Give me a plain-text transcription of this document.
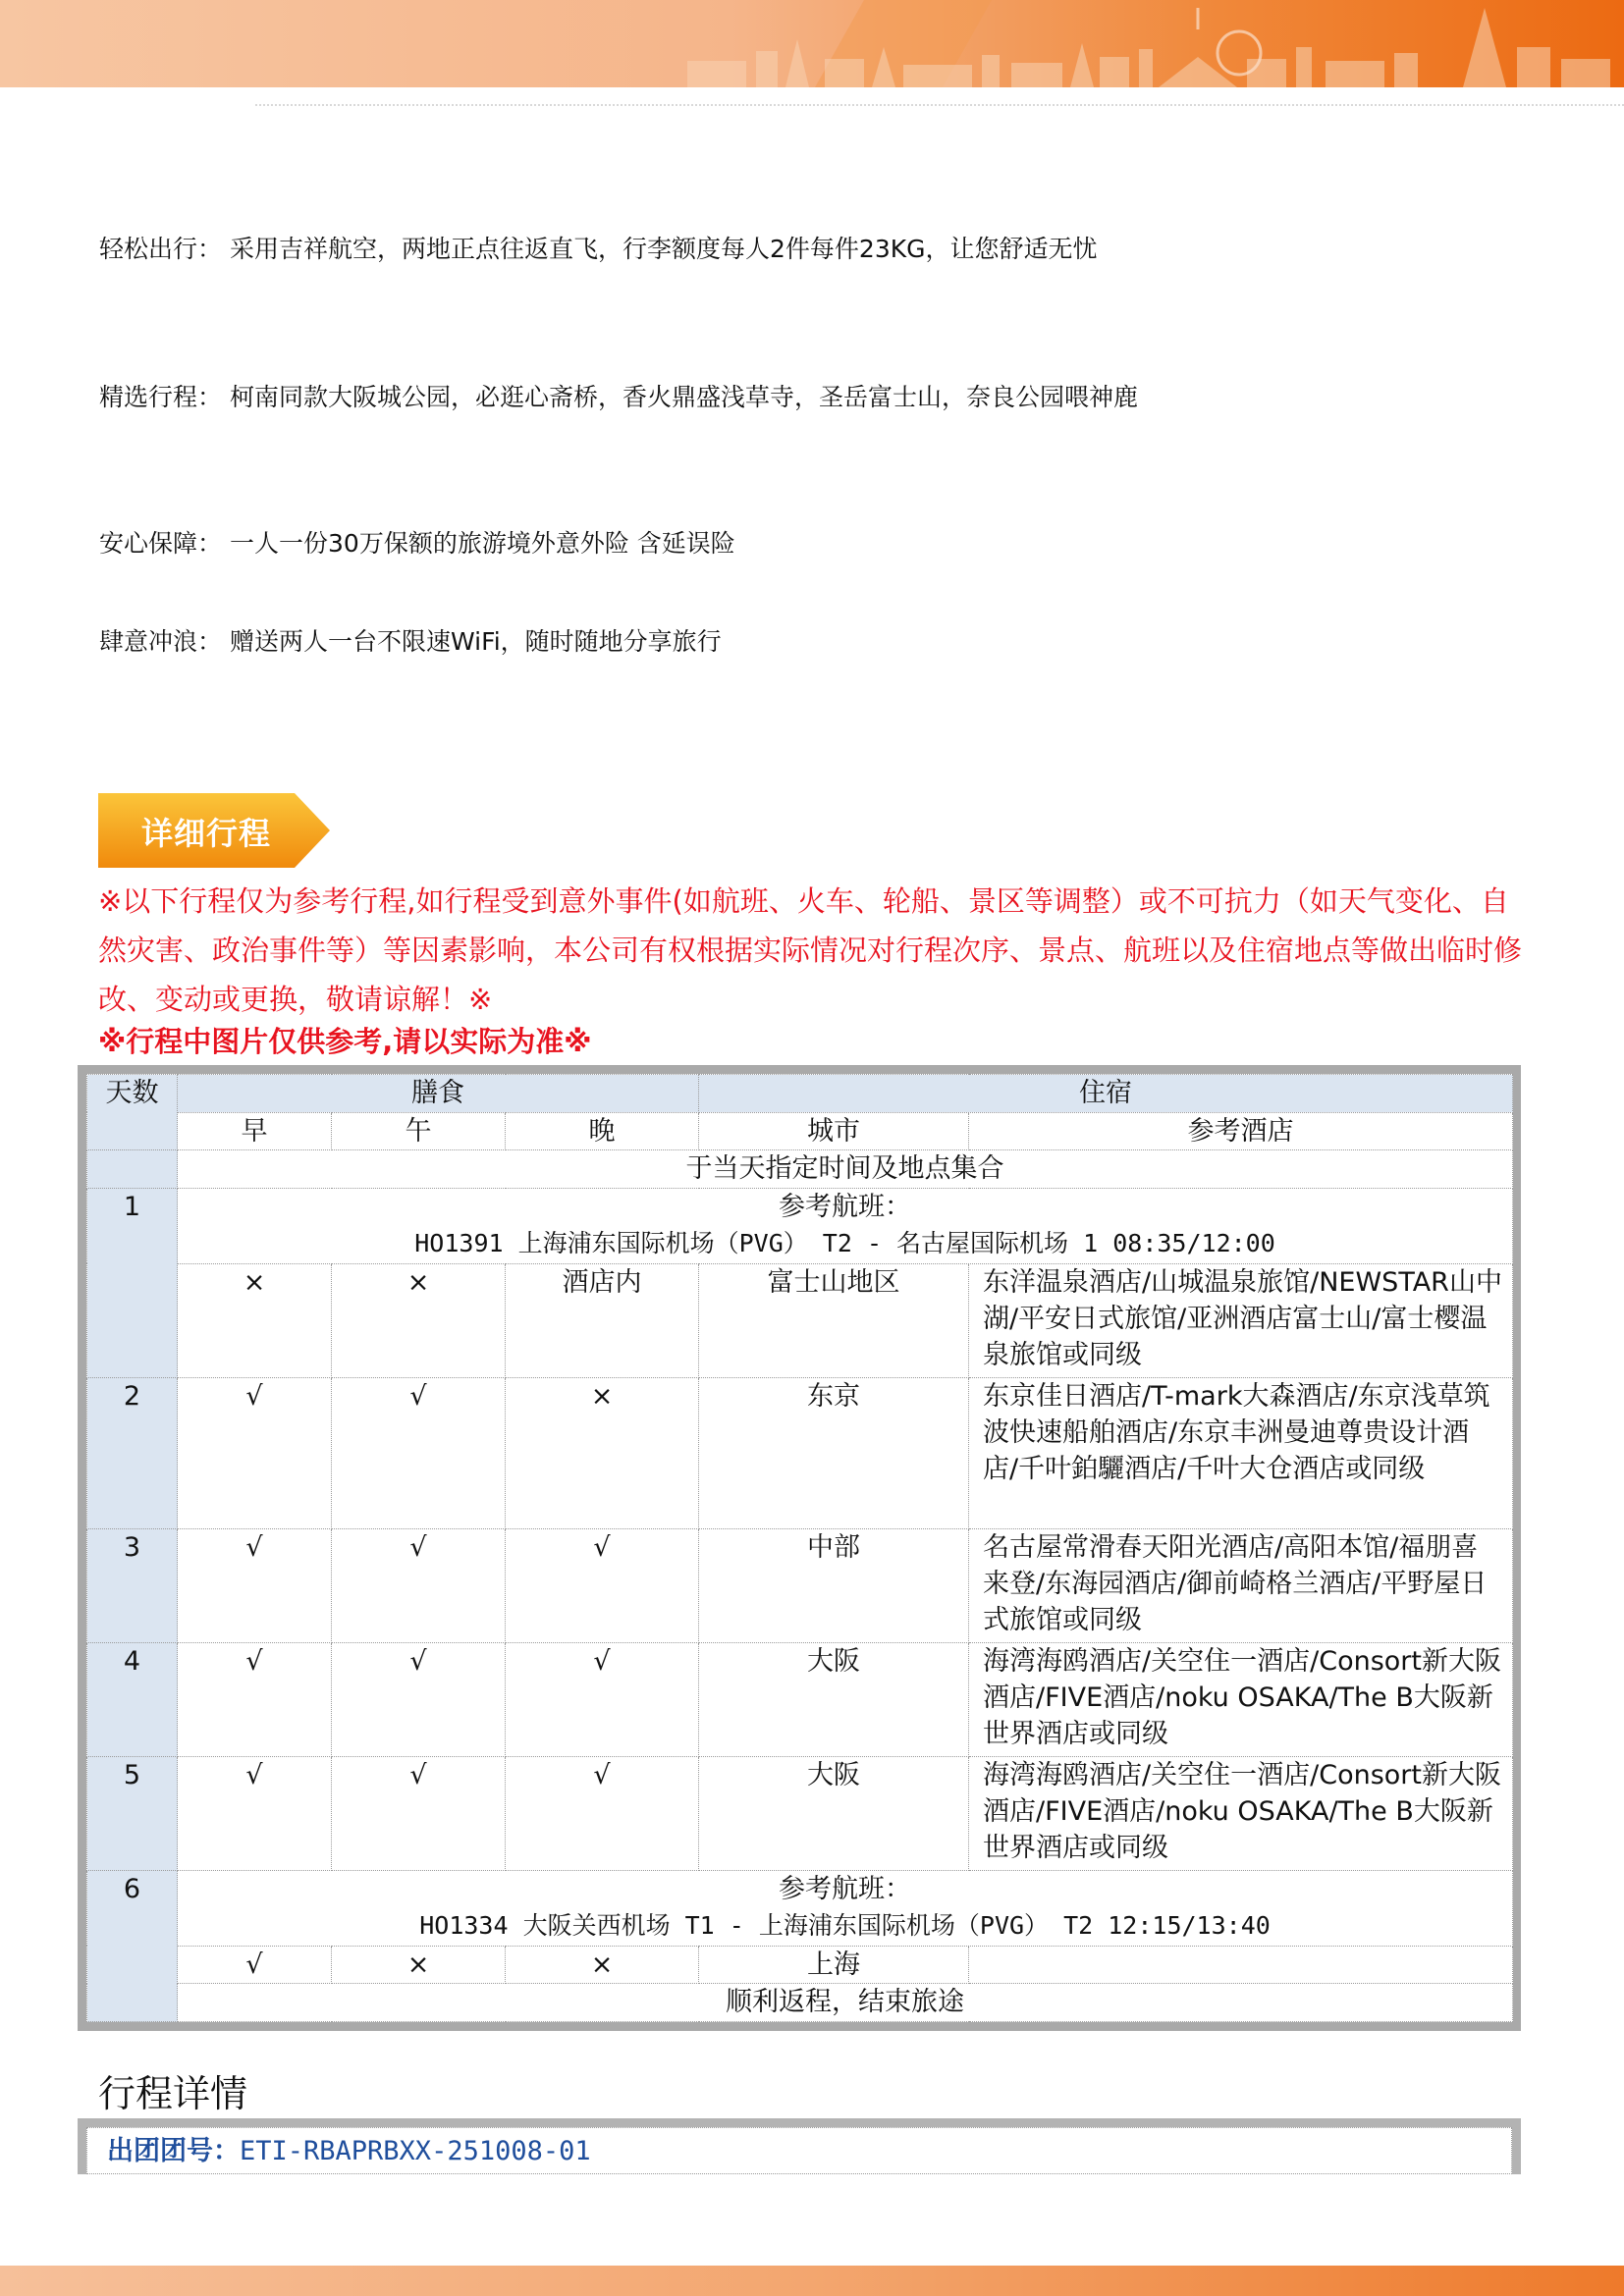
轻松出行： 采用吉祥航空，两地正点往返直飞，行李额度每人2件每件23KG，让您舒适无忧
精选行程： 柯南同款大阪城公园，必逛心斋桥，香火鼎盛浅草寺，圣岳富士山，奈良公园喂神鹿
安心保障： 一人一份30万保额的旅游境外意外险 含延误险
肆意冲浪： 赠送两人一台不限速WiFi，随时随地分享旅行
详细行程
※以下行程仅为参考行程,如行程受到意外事件(如航班、火车、轮船、景区等调整）或不可抗力（如天气变化、自然灾害、政治事件等）等因素影响，本公司有权根据实际情况对行程次序、景点、航班以及住宿地点等做出临时修改、变动或更换，敬请谅解！※
※行程中图片仅供参考,请以实际为准※
天数	膳食			住宿	
	早	午	晚	城市	参考酒店
	于当天指定时间及地点集合				
1	参考航班：
HO1391 上海浦东国际机场（PVG） T2 - 名古屋国际机场 1 08:35/12:00				

	×	×	酒店内	富士山地区	东洋温泉酒店/山城温泉旅馆/NEWSTAR山中湖/平安日式旅馆/亚洲酒店富士山/富士樱温泉旅馆或同级
2	√	√	×	东京	东京佳日酒店/T-mark大森酒店/东京浅草筑波快速船舶酒店/东京丰洲曼迪尊贵设计酒店/千叶鉑驪酒店/千叶大仓酒店或同级
3	√	√	√	中部	名古屋常滑春天阳光酒店/高阳本馆/福朋喜来登/东海园酒店/御前崎格兰酒店/平野屋日式旅馆或同级
4	√	√	√	大阪	海湾海鸥酒店/关空住一酒店/Consort新大阪酒店/FIVE酒店/noku OSAKA/The B大阪新世界酒店或同级
5	√	√	√	大阪	海湾海鸥酒店/关空住一酒店/Consort新大阪酒店/FIVE酒店/noku OSAKA/The B大阪新世界酒店或同级
6	参考航班：
HO1334 大阪关西机场 T1 - 上海浦东国际机场（PVG） T2 12:15/13:40				

	√	×	×	上海	
	顺利返程，结束旅途				
行程详情
出团团号：ETI-RBAPRBXX-251008-01
